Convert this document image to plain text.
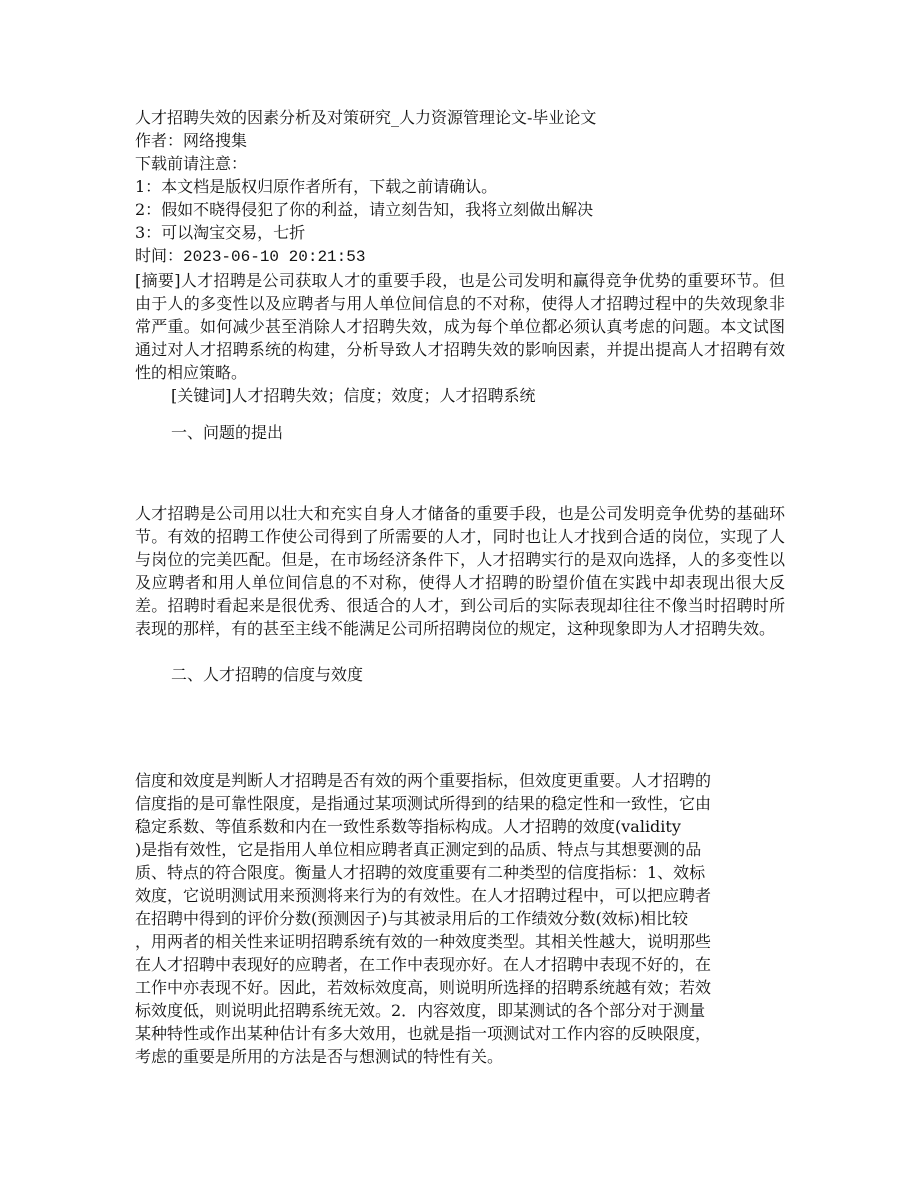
人才招聘失效的因素分析及对策研究_人力资源管理论文-毕业论文

作者：网络搜集

下载前请注意：

1：本文档是版权归原作者所有，下载之前请确认。

2：假如不晓得侵犯了你的利益，请立刻告知，我将立刻做出解决

3：可以淘宝交易，七折

时间：2023-06-10 20:21:53

[摘要]人才招聘是公司获取人才的重要手段，也是公司发明和赢得竞争优势的重要环节。但由于人的多变性以及应聘者与用人单位间信息的不对称，使得人才招聘过程中的失效现象非常严重。如何减少甚至消除人才招聘失效，成为每个单位都必须认真考虑的问题。本文试图通过对人才招聘系统的构建，分析导致人才招聘失效的影响因素，并提出提高人才招聘有效性的相应策略。

[关键词]人才招聘失效；信度；效度；人才招聘系统

一、问题的提出

人才招聘是公司用以壮大和充实自身人才储备的重要手段，也是公司发明竞争优势的基础环节。有效的招聘工作使公司得到了所需要的人才，同时也让人才找到合适的岗位，实现了人与岗位的完美匹配。但是，在市场经济条件下，人才招聘实行的是双向选择，人的多变性以及应聘者和用人单位间信息的不对称，使得人才招聘的盼望价值在实践中却表现出很大反差。招聘时看起来是很优秀、很适合的人才，到公司后的实际表现却往往不像当时招聘时所表现的那样，有的甚至主线不能满足公司所招聘岗位的规定，这种现象即为人才招聘失效。

二、人才招聘的信度与效度

信度和效度是判断人才招聘是否有效的两个重要指标，但效度更重要。人才招聘的

信度指的是可靠性限度，是指通过某项测试所得到的结果的稳定性和一致性，它由

稳定系数、等值系数和内在一致性系数等指标构成。人才招聘的效度(validity

)是指有效性，它是指用人单位相应聘者真正测定到的品质、特点与其想要测的品

质、特点的符合限度。衡量人才招聘的效度重要有二种类型的信度指标：1、效标

效度，它说明测试用来预测将来行为的有效性。在人才招聘过程中，可以把应聘者

在招聘中得到的评价分数(预测因子)与其被录用后的工作绩效分数(效标)相比较

，用两者的相关性来证明招聘系统有效的一种效度类型。其相关性越大，说明那些

在人才招聘中表现好的应聘者，在工作中表现亦好。在人才招聘中表现不好的，在

工作中亦表现不好。因此，若效标效度高，则说明所选择的招聘系统越有效；若效

标效度低，则说明此招聘系统无效。2．内容效度，即某测试的各个部分对于测量

某种特性或作出某种估计有多大效用，也就是指一项测试对工作内容的反映限度，

考虑的重要是所用的方法是否与想测试的特性有关。
